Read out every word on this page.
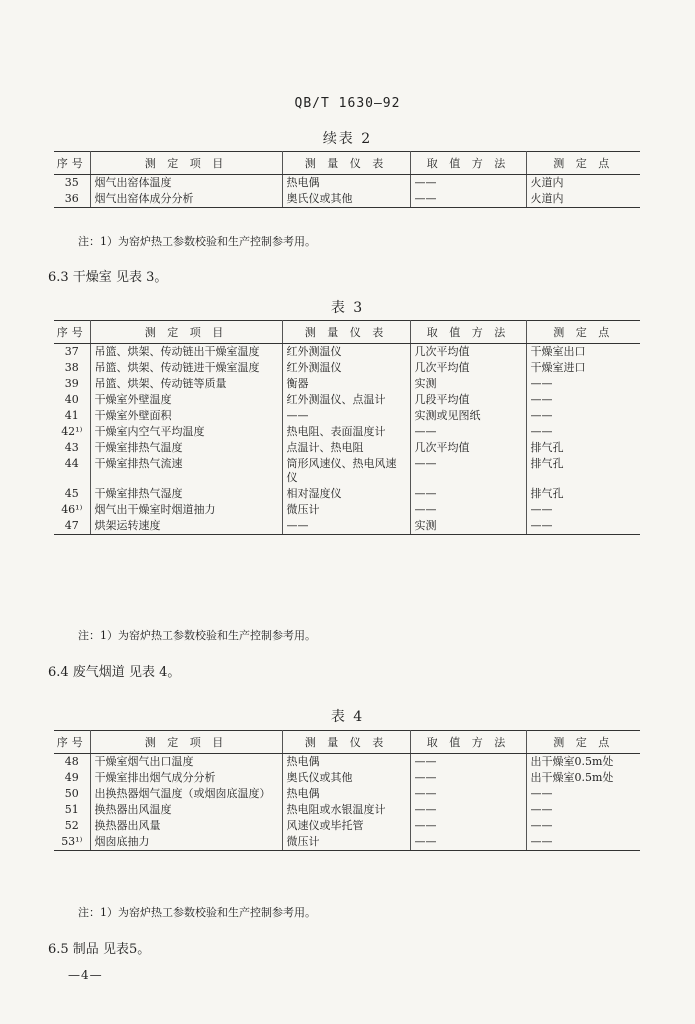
QB/T 1630—92
续表 2
序号	测 定 项 目	测 量 仪 表	取 值 方 法	测 定 点
35	烟气出窑体温度	热电偶	——	火道内
36	烟气出窑体成分分析	奥氏仪或其他	——	火道内
注：1）为窑炉热工参数校验和生产控制参考用。
6.3 干燥室 见表 3。
表 3
序号	测 定 项 目	测 量 仪 表	取 值 方 法	测 定 点
37	吊篮、烘架、传动链出干燥室温度	红外测温仪	几次平均值	干燥室出口
38	吊篮、烘架、传动链进干燥室温度	红外测温仪	几次平均值	干燥室进口
39	吊篮、烘架、传动链等质量	衡器	实测	——
40	干燥室外壁温度	红外测温仪、点温计	几段平均值	——
41	干燥室外壁面积	——	实测或见图纸	——
42¹⁾	干燥室内空气平均温度	热电阻、表面温度计	——	——
43	干燥室排热气温度	点温计、热电阻	几次平均值	排气孔
44	干燥室排热气流速	筒形风速仪、热电风速仪	——	排气孔
45	干燥室排热气湿度	相对湿度仪	——	排气孔
46¹⁾	烟气出干燥室时烟道抽力	微压计	——	——
47	烘架运转速度	——	实测	——
注：1）为窑炉热工参数校验和生产控制参考用。
6.4 废气烟道 见表 4。
表 4
序号	测 定 项 目	测 量 仪 表	取 值 方 法	测 定 点
48	干燥室烟气出口温度	热电偶	——	出干燥室0.5m处
49	干燥室排出烟气成分分析	奥氏仪或其他	——	出干燥室0.5m处
50	出换热器烟气温度（或烟囱底温度）	热电偶	——	——
51	换热器出风温度	热电阻或水银温度计	——	——
52	换热器出风量	风速仪或毕托管	——	——
53¹⁾	烟囱底抽力	微压计	——	——
注：1）为窑炉热工参数校验和生产控制参考用。
6.5 制品 见表5。
—4—
